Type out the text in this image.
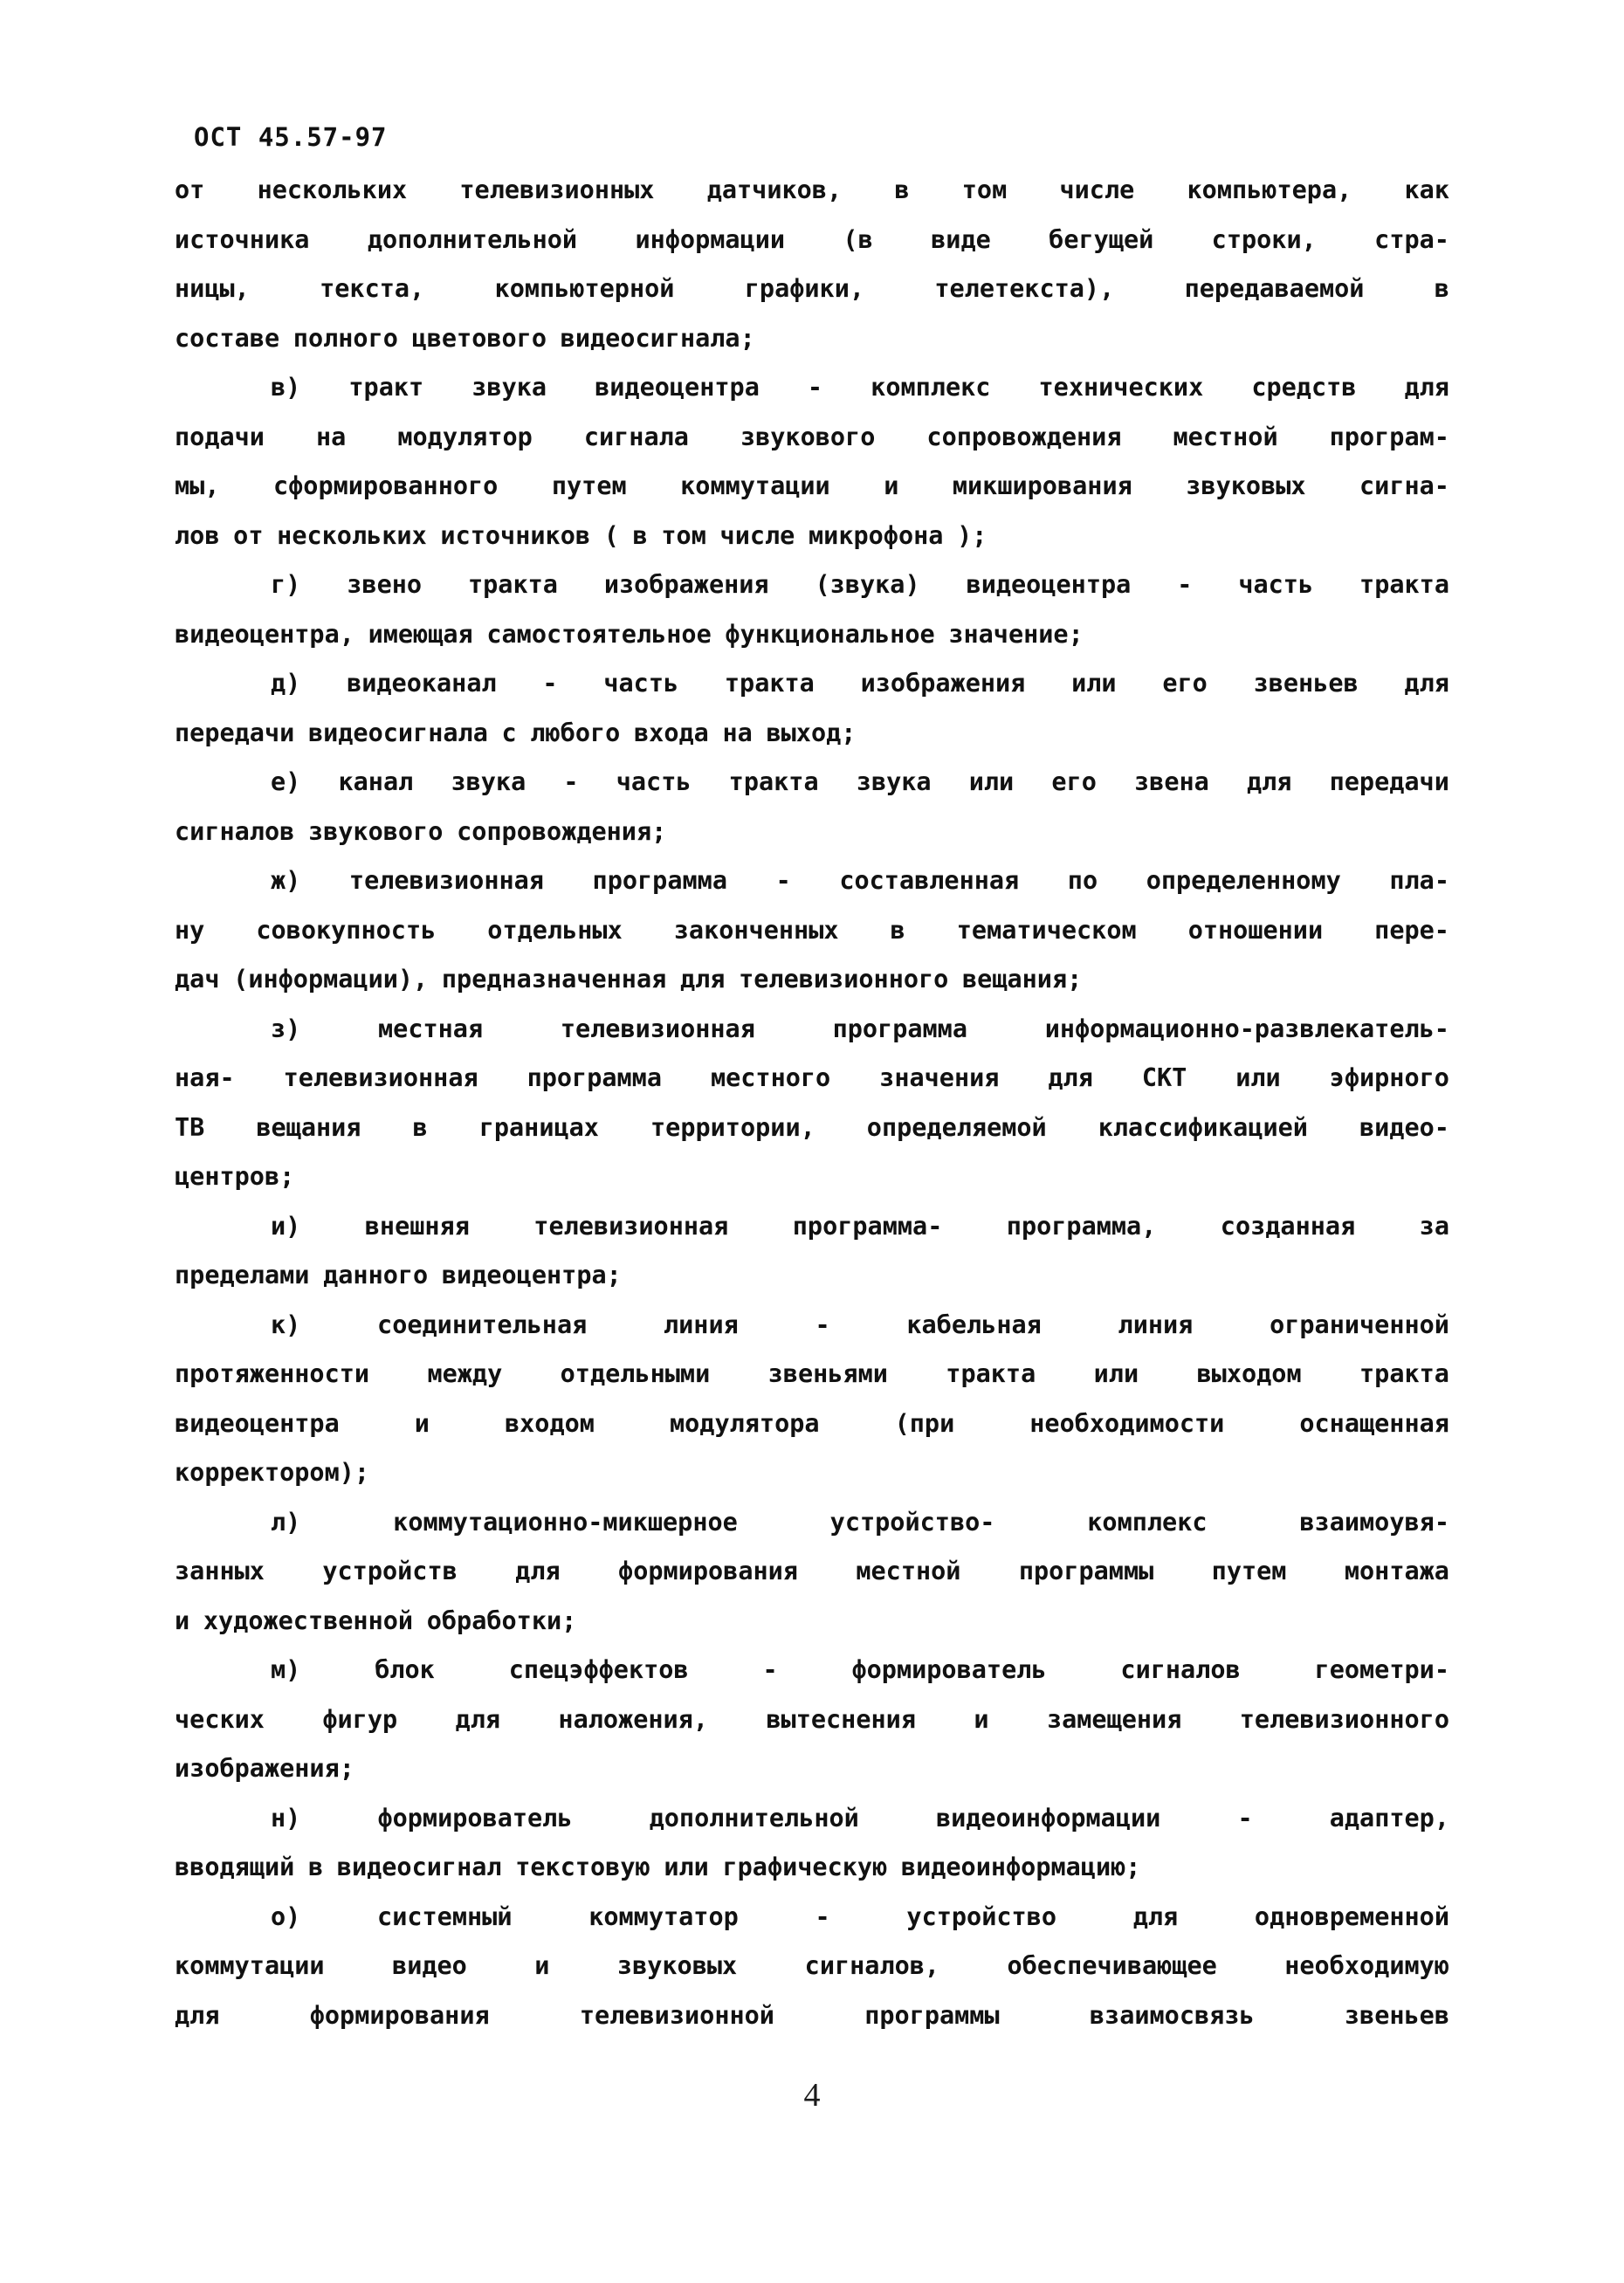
ОСТ 45.57-97
от нескольких телевизионных датчиков, в том числе компьютера, как
источника дополнительной информации (в виде бегущей строки, стра-
ницы,	текста,	компьютерной	графики,	телетекста),	передаваемой	в
составе полного цветового видеосигнала;
в) тракт звука видеоцентра - комплекс технических средств для
подачи на модулятор сигнала звукового сопровождения местной програм-
мы, сформированного путем коммутации и микширования звуковых сигна-
лов от нескольких источников ( в том числе микрофона );
г) звено тракта изображения (звука) видеоцентра - часть тракта
видеоцентра, имеющая самостоятельное функциональное значение;
д) видеоканал - часть тракта изображения или его звеньев для
передачи видеосигнала с любого входа на выход;
е) канал звука - часть тракта звука или его звена для передачи
сигналов звукового сопровождения;
ж) телевизионная программа - составленная по определенному пла-
ну совокупность отдельных законченных в тематическом отношении пере-
дач (информации), предназначенная для телевизионного вещания;
з)	местная	телевизионная	программа	информационно-развлекатель-
ная- телевизионная программа местного значения для СКТ или эфирного
ТВ вещания в границах территории, определяемой классификацией видео-
центров;
и)	внешняя	телевизионная	программа-	программа,	созданная	за
пределами данного видеоцентра;
к)	соединительная	линия	-	кабельная	линия	ограниченной
протяженности между отдельными звеньями тракта или выходом тракта
видеоцентра	и	входом	модулятора	(при	необходимости	оснащенная
корректором);
л)	коммутационно-микшерное	устройство-	комплекс	взаимоувя-
занных устройств для формирования местной программы путем монтажа
и художественной обработки;
м)	блок	спецэффектов	-	формирователь	сигналов	геометри-
ческих фигур для наложения, вытеснения и замещения телевизионного
изображения;
н)	формирователь	дополнительной	видеоинформации	-	адаптер,
вводящий в видеосигнал текстовую или графическую видеоинформацию;
о)	системный	коммутатор	-	устройство	для	одновременной
коммутации	видео	и	звуковых	сигналов,	обеспечивающее	необходимую
для	формирования	телевизионной	программы	взаимосвязь	звеньев
4
